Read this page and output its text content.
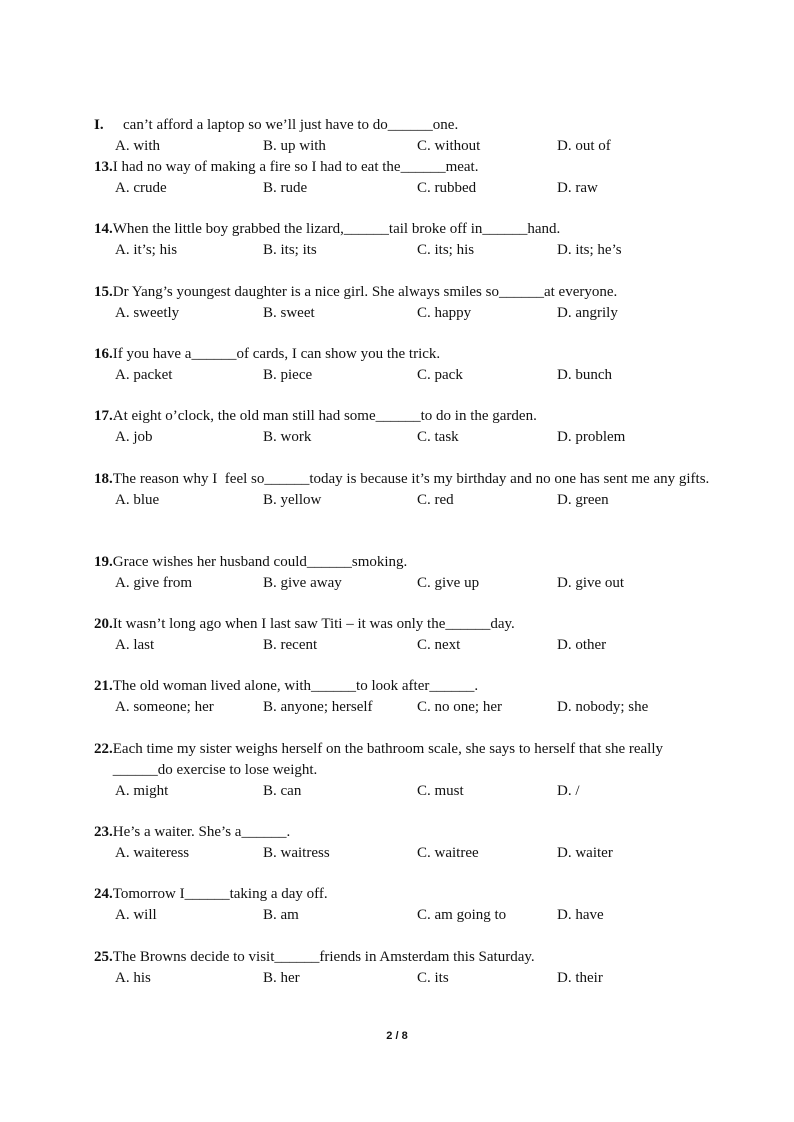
I.	can’t afford a laptop so we’ll just have to do______one.
A. with	B. up with	C. without	D. out of
13. I had no way of making a fire so I had to eat the______meat.
A. crude	B. rude	C. rubbed	D. raw
14. When the little boy grabbed the lizard,______tail broke off in______hand.
A. it’s; his	B. its; its	C. its; his	D. its; he’s
15. Dr Yang’s youngest daughter is a nice girl. She always smiles so______at everyone.
A. sweetly	B. sweet	C. happy	D. angrily
16. If you have a______of cards, I can show you the trick.
A. packet	B. piece	C. pack	D. bunch
17. At eight o’clock, the old man still had some______to do in the garden.
A. job	B. work	C. task	D. problem
18. The reason why I  feel so______today is because it’s my birthday and no one has sent me any gifts.
A. blue	B. yellow	C. red	D. green
19. Grace wishes her husband could______smoking.
A. give from	B. give away	C. give up	D. give out
20. It wasn’t long ago when I last saw Titi – it was only the______day.
A. last	B. recent	C. next	D. other
21. The old woman lived alone, with______to look after______.
A. someone; her	B. anyone; herself	C. no one; her	D. nobody; she
22. Each time my sister weighs herself on the bathroom scale, she says to herself that she really ______do exercise to lose weight.
A. might	B. can	C. must	D. /
23. He’s a waiter. She’s a______.
A. waiteress	B. waitress	C. waitree	D. waiter
24. Tomorrow I______taking a day off.
A. will	B. am	C. am going to	D. have
25. The Browns decide to visit______friends in Amsterdam this Saturday.
A. his	B. her	C. its	D. their
2 / 8
